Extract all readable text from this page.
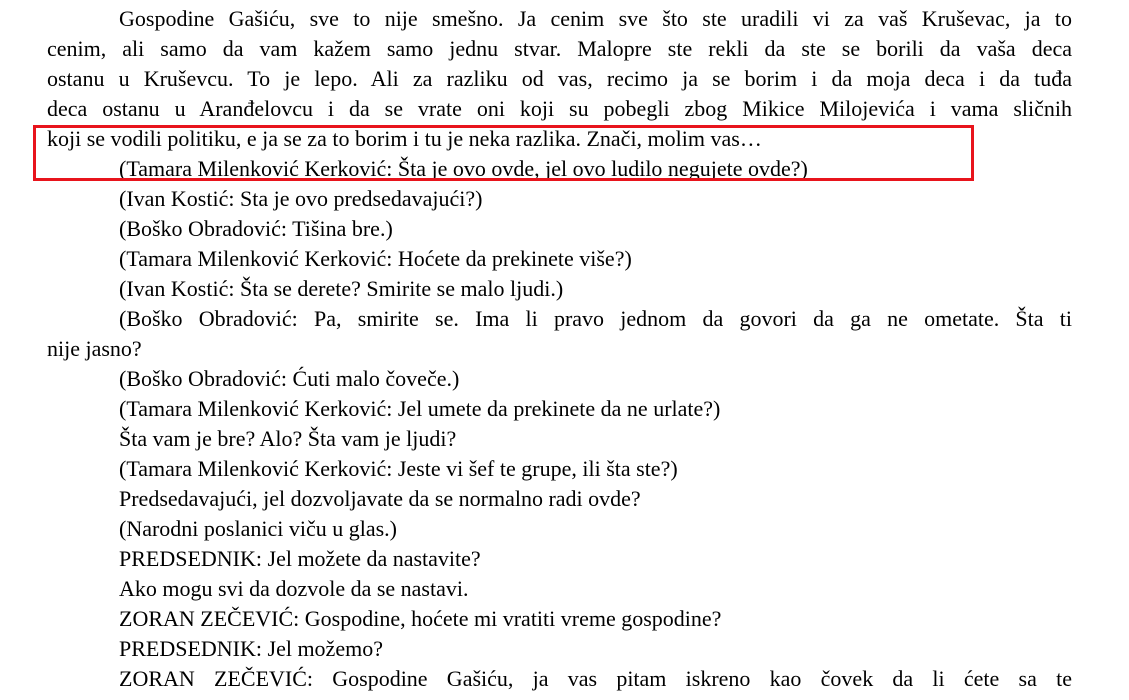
Gospodine Gašiću, sve to nije smešno. Ja cenim sve što ste uradili vi za vaš Kruševac, ja to
cenim, ali samo da vam kažem samo jednu stvar. Malopre ste rekli da ste se borili da vaša deca
ostanu u Kruševcu. To je lepo. Ali za razliku od vas, recimo ja se borim i da moja deca i da tuđa
deca ostanu u Aranđelovcu i da se vrate oni koji su pobegli zbog Mikice Milojevića i vama sličnih
koji se vodili politiku, e ja se za to borim i tu je neka razlika. Znači, molim vas…
(Tamara Milenković Kerković: Šta je ovo ovde, jel ovo ludilo negujete ovde?)
(Ivan Kostić: Sta je ovo predsedavajući?)
(Boško Obradović: Tišina bre.)
(Tamara Milenković Kerković: Hoćete da prekinete više?)
(Ivan Kostić: Šta se derete? Smirite se malo ljudi.)
(Boško Obradović: Pa, smirite se. Ima li pravo jednom da govori da ga ne ometate. Šta ti
nije jasno?
(Boško Obradović: Ćuti malo čoveče.)
(Tamara Milenković Kerković: Jel umete da prekinete da ne urlate?)
Šta vam je bre? Alo? Šta vam je ljudi?
(Tamara Milenković Kerković: Jeste vi šef te grupe, ili šta ste?)
Predsedavajući, jel dozvoljavate da se normalno radi ovde?
(Narodni poslanici viču u glas.)
PREDSEDNIK: Jel možete da nastavite?
Ako mogu svi da dozvole da se nastavi.
ZORAN ZEČEVIĆ: Gospodine, hoćete mi vratiti vreme gospodine?
PREDSEDNIK: Jel možemo?
ZORAN ZEČEVIĆ: Gospodine Gašiću, ja vas pitam iskreno kao čovek da li ćete sa te
